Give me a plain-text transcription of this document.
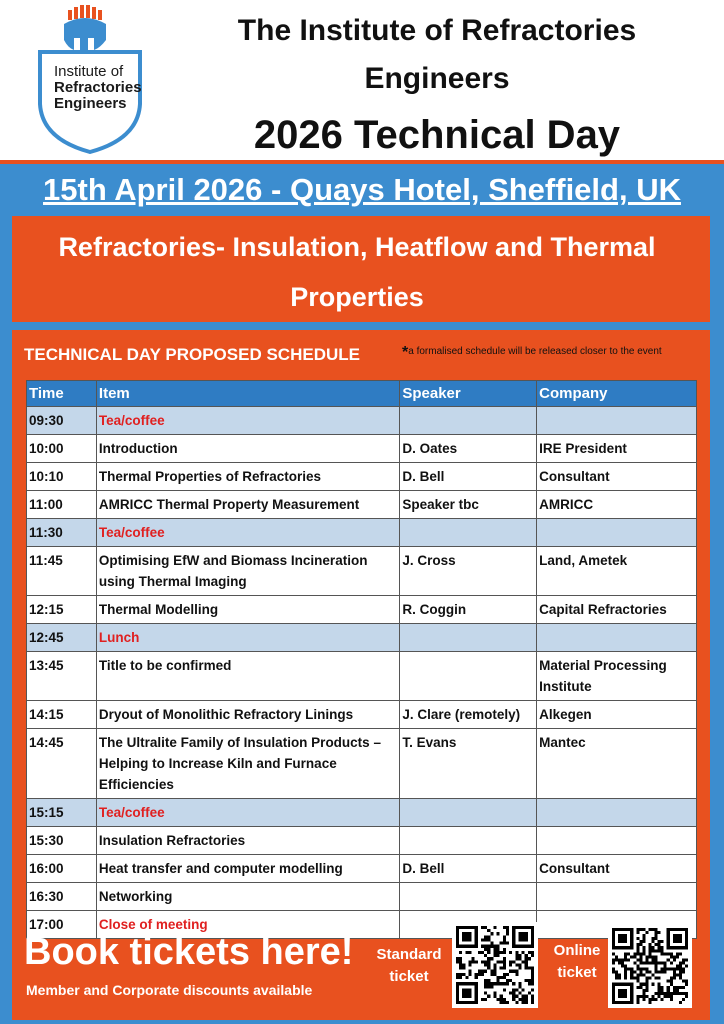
Institute of
Refractories
Engineers
The Institute of Refractories
Engineers
2026 Technical Day
15th April 2026 - Quays Hotel, Sheffield, UK
Refractories- Insulation, Heatflow and Thermal Properties
TECHNICAL DAY PROPOSED SCHEDULE	*a formalised schedule will be released closer to the event
Time	Item	Speaker	Company
09:30	Tea/coffee		
10:00	Introduction	D. Oates	IRE President
10:10	Thermal Properties of Refractories	D. Bell	Consultant
11:00	AMRICC Thermal Property Measurement	Speaker tbc	AMRICC
11:30	Tea/coffee		
11:45	Optimising EfW and Biomass Incineration using Thermal Imaging	J. Cross	Land, Ametek
12:15	Thermal Modelling	R. Coggin	Capital Refractories
12:45	Lunch		
13:45	Title to be confirmed		Material Processing Institute
14:15	Dryout of Monolithic Refractory Linings	J. Clare (remotely)	Alkegen
14:45	The Ultralite Family of Insulation Products – Helping to Increase Kiln and Furnace Efficiencies	T. Evans	Mantec
15:15	Tea/coffee		
15:30	Insulation Refractories		
16:00	Heat transfer and computer modelling	D. Bell	Consultant
16:30	Networking		
17:00	Close of meeting		
Book tickets here!
Member and Corporate discounts available
Standard ticket
Online ticket
